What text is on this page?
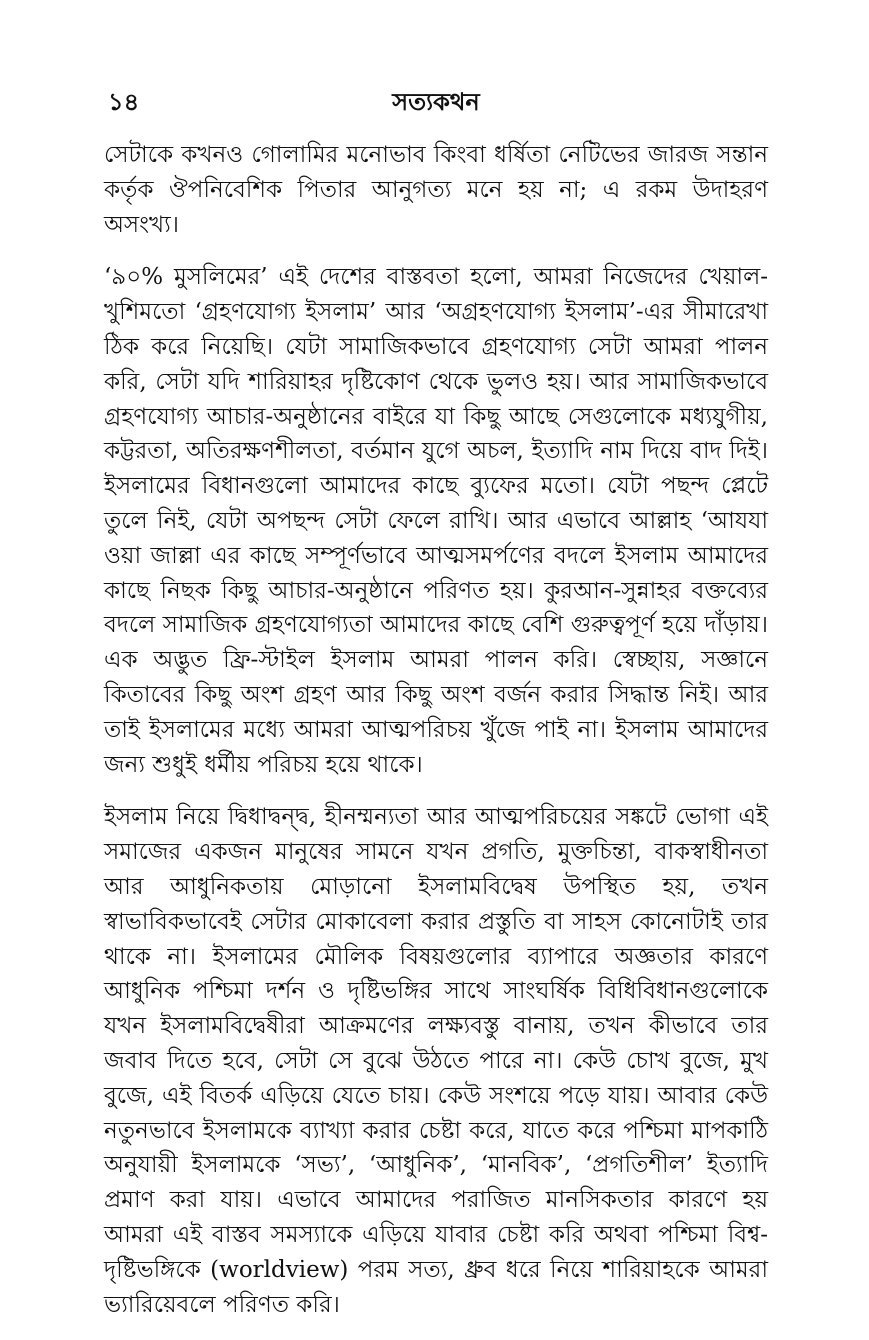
১৪	সত্যকথন

সেটাকে কখনও গোলামির মনোভাব কিংবা ধর্ষিতা নেটিভের জারজ সন্তান কর্তৃক ঔপনিবেশিক পিতার আনুগত্য মনে হয় না; এ রকম উদাহরণ অসংখ্য।

‘৯০% মুসলিমের’ এই দেশের বাস্তবতা হলো, আমরা নিজেদের খেয়াল-খুশিমতো ‘গ্রহণযোগ্য ইসলাম’ আর ‘অগ্রহণযোগ্য ইসলাম’-এর সীমারেখা ঠিক করে নিয়েছি। যেটা সামাজিকভাবে গ্রহণযোগ্য সেটা আমরা পালন করি, সেটা যদি শারিয়াহর দৃষ্টিকোণ থেকে ভুলও হয়। আর সামাজিকভাবে গ্রহণযোগ্য আচার-অনুষ্ঠানের বাইরে যা কিছু আছে সেগুলোকে মধ্যযুগীয়, কট্টরতা, অতিরক্ষণশীলতা, বর্তমান যুগে অচল, ইত্যাদি নাম দিয়ে বাদ দিই। ইসলামের বিধানগুলো আমাদের কাছে ব্যুফের মতো। যেটা পছন্দ প্লেটে তুলে নিই, যেটা অপছন্দ সেটা ফেলে রাখি। আর এভাবে আল্লাহ ‘আযযা ওয়া জাল্লা এর কাছে সম্পূর্ণভাবে আত্মসমর্পণের বদলে ইসলাম আমাদের কাছে নিছক কিছু আচার-অনুষ্ঠানে পরিণত হয়। কুরআন-সুন্নাহর বক্তব্যের বদলে সামাজিক গ্রহণযোগ্যতা আমাদের কাছে বেশি গুরুত্বপূর্ণ হয়ে দাঁড়ায়। এক অদ্ভুত ফ্রি-স্টাইল ইসলাম আমরা পালন করি। স্বেচ্ছায়, সজ্ঞানে কিতাবের কিছু অংশ গ্রহণ আর কিছু অংশ বর্জন করার সিদ্ধান্ত নিই। আর তাই ইসলামের মধ্যে আমরা আত্মপরিচয় খুঁজে পাই না। ইসলাম আমাদের জন্য শুধুই ধর্মীয় পরিচয় হয়ে থাকে।

ইসলাম নিয়ে দ্বিধাদ্বন্দ্ব, হীনম্মন্যতা আর আত্মপরিচয়ের সঙ্কটে ভোগা এই সমাজের একজন মানুষের সামনে যখন প্রগতি, মুক্তচিন্তা, বাকস্বাধীনতা আর আধুনিকতায় মোড়ানো ইসলামবিদ্বেষ উপস্থিত হয়, তখন স্বাভাবিকভাবেই সেটার মোকাবেলা করার প্রস্তুতি বা সাহস কোনোটাই তার থাকে না। ইসলামের মৌলিক বিষয়গুলোর ব্যাপারে অজ্ঞতার কারণে আধুনিক পশ্চিমা দর্শন ও দৃষ্টিভঙ্গির সাথে সাংঘর্ষিক বিধিবিধানগুলোকে যখন ইসলামবিদ্বেষীরা আক্রমণের লক্ষ্যবস্তু বানায়, তখন কীভাবে তার জবাব দিতে হবে, সেটা সে বুঝে উঠতে পারে না। কেউ চোখ বুজে, মুখ বুজে, এই বিতর্ক এড়িয়ে যেতে চায়। কেউ সংশয়ে পড়ে যায়। আবার কেউ নতুনভাবে ইসলামকে ব্যাখ্যা করার চেষ্টা করে, যাতে করে পশ্চিমা মাপকাঠি অনুযায়ী ইসলামকে ‘সভ্য’, ‘আধুনিক’, ‘মানবিক’, ‘প্রগতিশীল’ ইত্যাদি প্রমাণ করা যায়। এভাবে আমাদের পরাজিত মানসিকতার কারণে হয় আমরা এই বাস্তব সমস্যাকে এড়িয়ে যাবার চেষ্টা করি অথবা পশ্চিমা বিশ্ব-দৃষ্টিভঙ্গিকে (worldview) পরম সত্য, ধ্রুব ধরে নিয়ে শারিয়াহকে আমরা ভ্যারিয়েবলে পরিণত করি।
